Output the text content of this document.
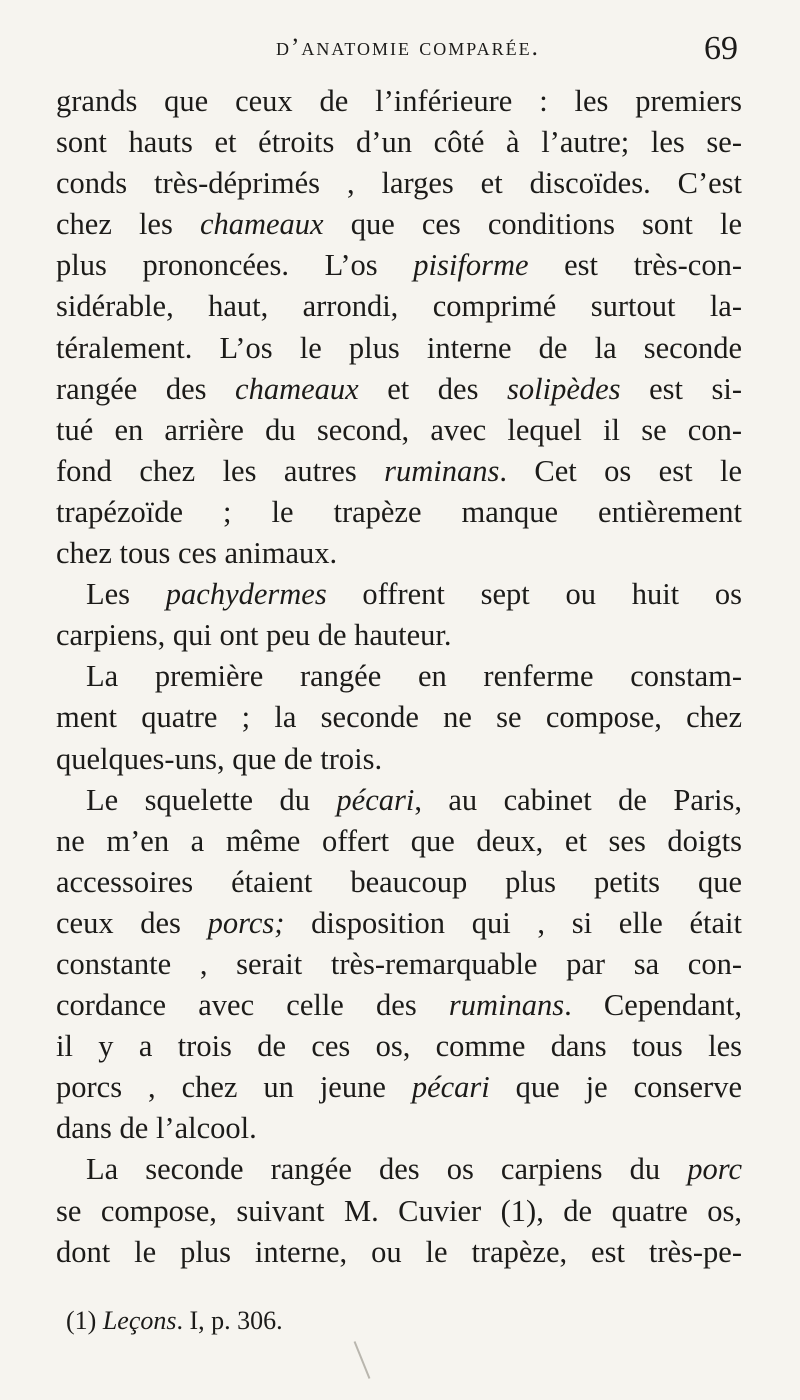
d’anatomie comparée.	69
grands que ceux de l’inférieure : les premiers
sont hauts et étroits d’un côté à l’autre; les se-
conds très-déprimés , larges et discoïdes. C’est
chez les chameaux que ces conditions sont le
plus prononcées. L’os pisiforme est très-con-
sidérable, haut, arrondi, comprimé surtout la-
téralement. L’os le plus interne de la seconde
rangée des chameaux et des solipèdes est si-
tué en arrière du second, avec lequel il se con-
fond chez les autres ruminans. Cet os est le
trapézoïde ; le trapèze manque entièrement
chez tous ces animaux.
Les pachydermes offrent sept ou huit os
carpiens, qui ont peu de hauteur.
La première rangée en renferme constam-
ment quatre ; la seconde ne se compose, chez
quelques-uns, que de trois.
Le squelette du pécari, au cabinet de Paris,
ne m’en a même offert que deux, et ses doigts
accessoires étaient beaucoup plus petits que
ceux des porcs; disposition qui , si elle était
constante , serait très-remarquable par sa con-
cordance avec celle des ruminans. Cependant,
il y a trois de ces os, comme dans tous les
porcs , chez un jeune pécari que je conserve
dans de l’alcool.
La seconde rangée des os carpiens du porc
se compose, suivant M. Cuvier (1), de quatre os,
dont le plus interne, ou le trapèze, est très-pe-
(1) Leçons. I, p. 306.
